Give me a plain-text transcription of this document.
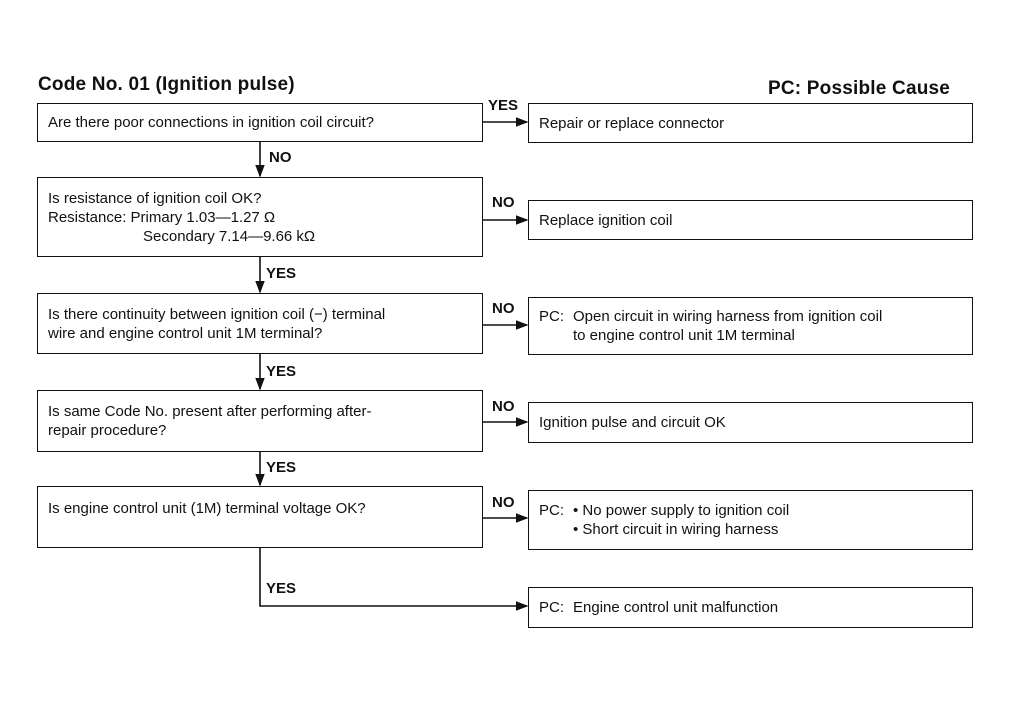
Code No. 01 (Ignition pulse)	PC: Possible Cause
Are there poor connections in ignition coil circuit?
Is resistance of ignition coil OK?
Resistance: Primary 1.03—1.27 Ω
Secondary 7.14—9.66 kΩ
Is there continuity between ignition coil (−) terminal
wire and engine control unit 1M terminal?
Is same Code No. present after performing after-
repair procedure?
Is engine control unit (1M) terminal voltage OK?
Repair or replace connector
Replace ignition coil
PC: Open circuit in wiring harness from ignition coil
to engine control unit 1M terminal
Ignition pulse and circuit OK
PC: • No power supply to ignition coil
• Short circuit in wiring harness
PC: Engine control unit malfunction
YES
NO
NO
NO
NO
NO
YES
YES
YES
YES
